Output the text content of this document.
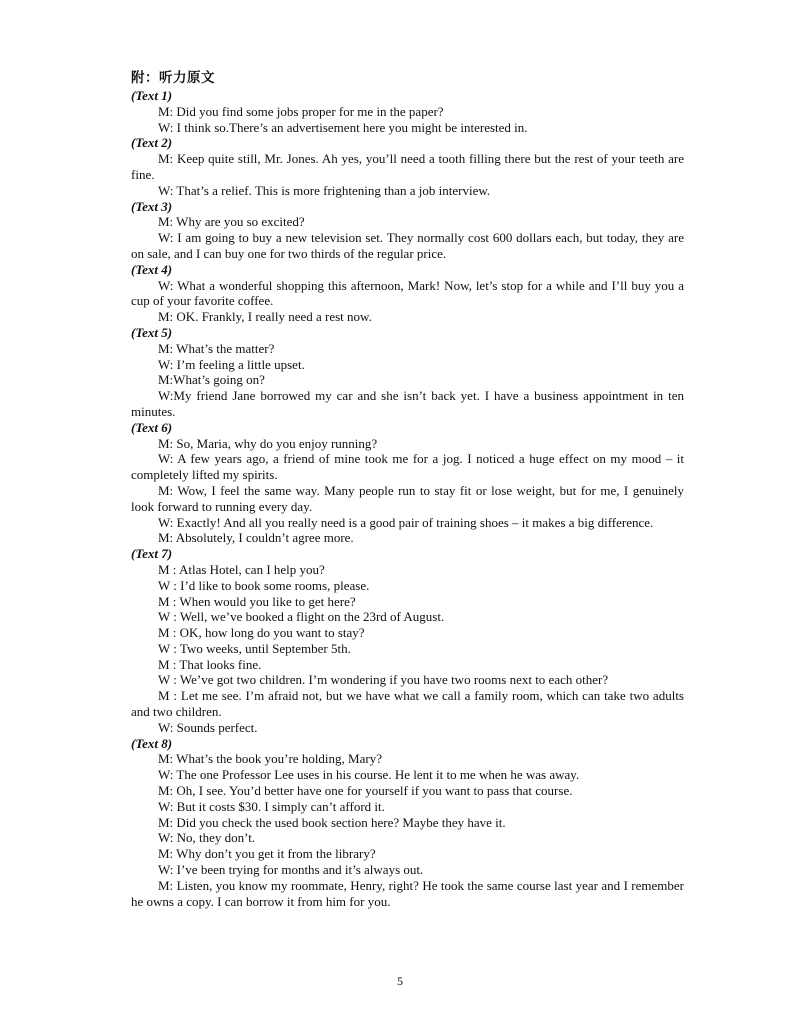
附：听力原文
(Text 1)

M: Did you find some jobs proper for me in the paper?

W: I think so.There’s an advertisement here you might be interested in.

(Text 2)

M: Keep quite still, Mr. Jones. Ah yes, you’ll need a tooth filling there but the rest of your teeth are fine.

W: That’s a relief. This is more frightening than a job interview.

(Text 3)

M: Why are you so excited?

W: I am going to buy a new television set. They normally cost 600 dollars each, but today, they are on sale, and I can buy one for two thirds of the regular price.

(Text 4)

W: What a wonderful shopping this afternoon, Mark! Now, let’s stop for a while and I’ll buy you a cup of your favorite coffee.

M: OK. Frankly, I really need a rest now.

(Text 5)

M: What’s the matter?

W: I’m feeling a little upset.

M:What’s going on?

W:My friend Jane borrowed my car and she isn’t back yet. I have a business appointment in ten minutes.

(Text 6)

M: So, Maria, why do you enjoy running?

W: A few years ago, a friend of mine took me for a jog. I noticed a huge effect on my mood – it completely lifted my spirits.

M: Wow, I feel the same way. Many people run to stay fit or lose weight, but for me, I genuinely look forward to running every day.

W: Exactly! And all you really need is a good pair of training shoes – it makes a big difference.

M: Absolutely, I couldn’t agree more.

(Text 7)

M : Atlas Hotel, can I help you?

W : I’d like to book some rooms, please.

M : When would you like to get here?

W : Well, we’ve booked a flight on the 23rd of August.

M : OK, how long do you want to stay?

W : Two weeks, until September 5th.

M : That looks fine.

W : We’ve got two children. I’m wondering if you have two rooms next to each other?

M : Let me see. I’m afraid not, but we have what we call a family room, which can take two adults and two children.

W: Sounds perfect.

(Text 8)

M: What’s the book you’re holding, Mary?

W: The one Professor Lee uses in his course. He lent it to me when he was away.

M: Oh, I see. You’d better have one for yourself if you want to pass that course.

W: But it costs $30. I simply can’t afford it.

M: Did you check the used book section here? Maybe they have it.

W: No, they don’t.

M: Why don’t you get it from the library?

W: I’ve been trying for months and it’s always out.

M: Listen, you know my roommate, Henry, right? He took the same course last year and I remember he owns a copy. I can borrow it from him for you.

5
